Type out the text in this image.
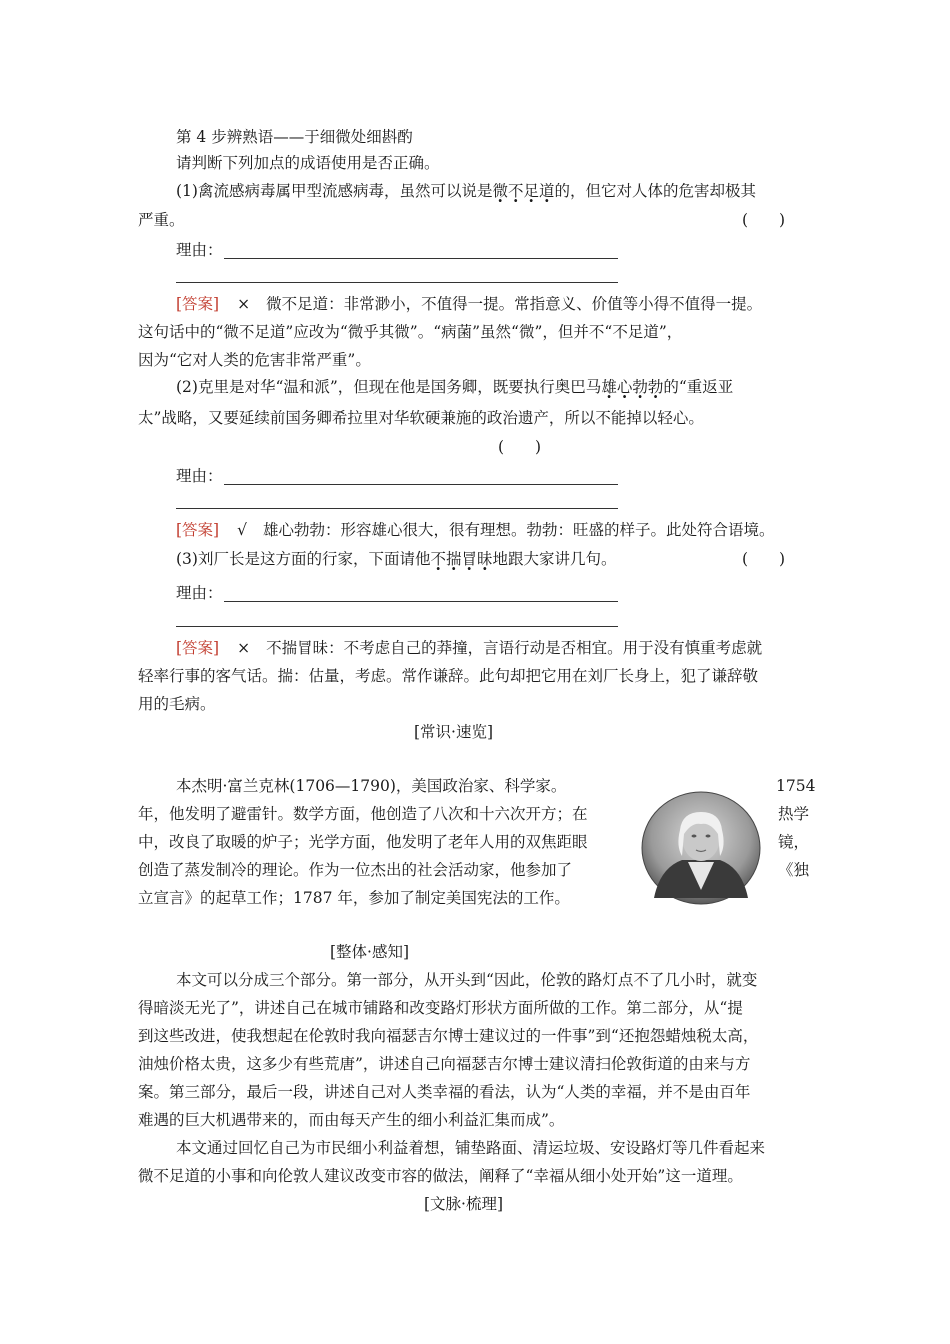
第 4 步辨熟语——于细微处细斟酌
请判断下列加点的成语使用是否正确。
(1)禽流感病毒属甲型流感病毒，虽然可以说是微不足道的，但它对人体的危害却极其
严重。	(　　)
理由：
[答案] × 微不足道：非常渺小，不值得一提。常指意义、价值等小得不值得一提。
这句话中的“微不足道”应改为“微乎其微”。“病菌”虽然“微”，但并不“不足道”，
因为“它对人类的危害非常严重”。
(2)克里是对华“温和派”，但现在他是国务卿，既要执行奥巴马雄心勃勃的“重返亚
太”战略，又要延续前国务卿希拉里对华软硬兼施的政治遗产，所以不能掉以轻心。
(　　)
理由：
[答案] √ 雄心勃勃：形容雄心很大，很有理想。勃勃：旺盛的样子。此处符合语境。
(3)刘厂长是这方面的行家，下面请他不揣冒昧地跟大家讲几句。	(　　)
理由：
[答案] × 不揣冒昧：不考虑自己的莽撞，言语行动是否相宜。用于没有慎重考虑就
轻率行事的客气话。揣：估量，考虑。常作谦辞。此句却把它用在刘厂长身上，犯了谦辞敬
用的毛病。
[常识·速览]
本杰明·富兰克林(1706—1790)，美国政治家、科学家。	1754
年，他发明了避雷针。数学方面，他创造了八次和十六次开方；在	热学
中，改良了取暖的炉子；光学方面，他发明了老年人用的双焦距眼	镜，
创造了蒸发制冷的理论。作为一位杰出的社会活动家，他参加了	《独
立宣言》的起草工作；1787 年，参加了制定美国宪法的工作。
[整体·感知]
本文可以分成三个部分。第一部分，从开头到“因此，伦敦的路灯点不了几小时，就变
得暗淡无光了”，讲述自己在城市铺路和改变路灯形状方面所做的工作。第二部分，从“提
到这些改进，使我想起在伦敦时我向福瑟吉尔博士建议过的一件事”到“还抱怨蜡烛税太高，
油烛价格太贵，这多少有些荒唐”，讲述自己向福瑟吉尔博士建议清扫伦敦街道的由来与方
案。第三部分，最后一段，讲述自己对人类幸福的看法，认为“人类的幸福，并不是由百年
难遇的巨大机遇带来的，而由每天产生的细小利益汇集而成”。
本文通过回忆自己为市民细小利益着想，铺垫路面、清运垃圾、安设路灯等几件看起来
微不足道的小事和向伦敦人建议改变市容的做法，阐释了“幸福从细小处开始”这一道理。
[文脉·梳理]
